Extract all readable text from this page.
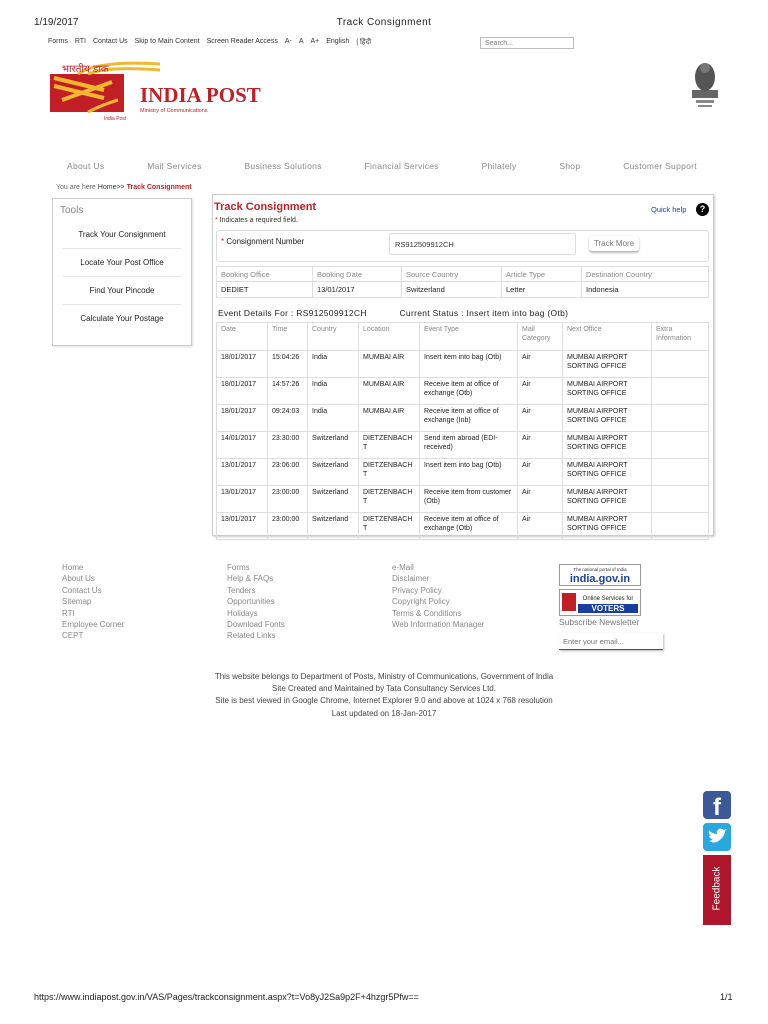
1/19/2017	Track Consignment
Forms RTI Contact Us Skip to Main Content Screen Reader Access A- A A+ English | हिंदी
Search...
भारतीय डाक
INDIA POST
Ministry of Communications
India Post
About Us	Mail Services	Business Solutions	Financial Services	Philately	Shop	Customer Support
You are here Home>> Track Consignment
Tools
Track Your Consignment
Locate Your Post Office
Find Your Pincode
Calculate Your Postage
Track Consignment
* Indicates a required field.
Quick help	?
* Consignment Number
RS912509912CH	Track More
Booking Office	Booking Date	Source Country	Article Type	Destination Country
DEDIET	13/01/2017	Switzerland	Letter	Indonesia
Event Details For : RS912509912CH	Current Status : Insert item into bag (Otb)
Date	Time	Country	Location	Event Type	Mail Category	Next Office	Extra Information
18/01/2017	15:04:26	India	MUMBAI AIR	Insert item into bag (Otb)	Air	MUMBAI AIRPORT SORTING OFFICE	
18/01/2017	14:57:26	India	MUMBAI AIR	Receive item at office of exchange (Otb)	Air	MUMBAI AIRPORT SORTING OFFICE	
18/01/2017	09:24:03	India	MUMBAI AIR	Receive item at office of exchange (Inb)	Air	MUMBAI AIRPORT SORTING OFFICE	
14/01/2017	23:30:00	Switzerland	DIETZENBACH T	Send item abroad (EDI-received)	Air	MUMBAI AIRPORT SORTING OFFICE	
13/01/2017	23:06:00	Switzerland	DIETZENBACH T	Insert item into bag (Otb)	Air	MUMBAI AIRPORT SORTING OFFICE	
13/01/2017	23:00:00	Switzerland	DIETZENBACH T	Receive item from customer (Otb)	Air	MUMBAI AIRPORT SORTING OFFICE	
13/01/2017	23:00:00	Switzerland	DIETZENBACH T	Receive item at office of exchange (Otb)	Air	MUMBAI AIRPORT SORTING OFFICE	
Home
About Us
Contact Us
Sitemap
RTI
Employee Corner
CEPT
Forms
Help & FAQs
Tenders
Opportunities
Holidays
Download Fonts
Related Links
e-Mail
Disclaimer
Privacy Policy
Copyright Policy
Terms & Conditions
Web Information Manager
The national portal of India
india.gov.in
Online Services for
VOTERS
Subscribe Newsletter
Enter your email...
This website belongs to Department of Posts, Ministry of Communications, Government of India
Site Created and Maintained by Tata Consultancy Services Ltd.
Site is best viewed in Google Chrome, Internet Explorer 9.0 and above at 1024 x 768 resolution
Last updated on 18-Jan-2017
f
Feedback
https://www.indiapost.gov.in/VAS/Pages/trackconsignment.aspx?t=Vo8yJ2Sa9p2F+4hzgr5Pfw==	1/1
